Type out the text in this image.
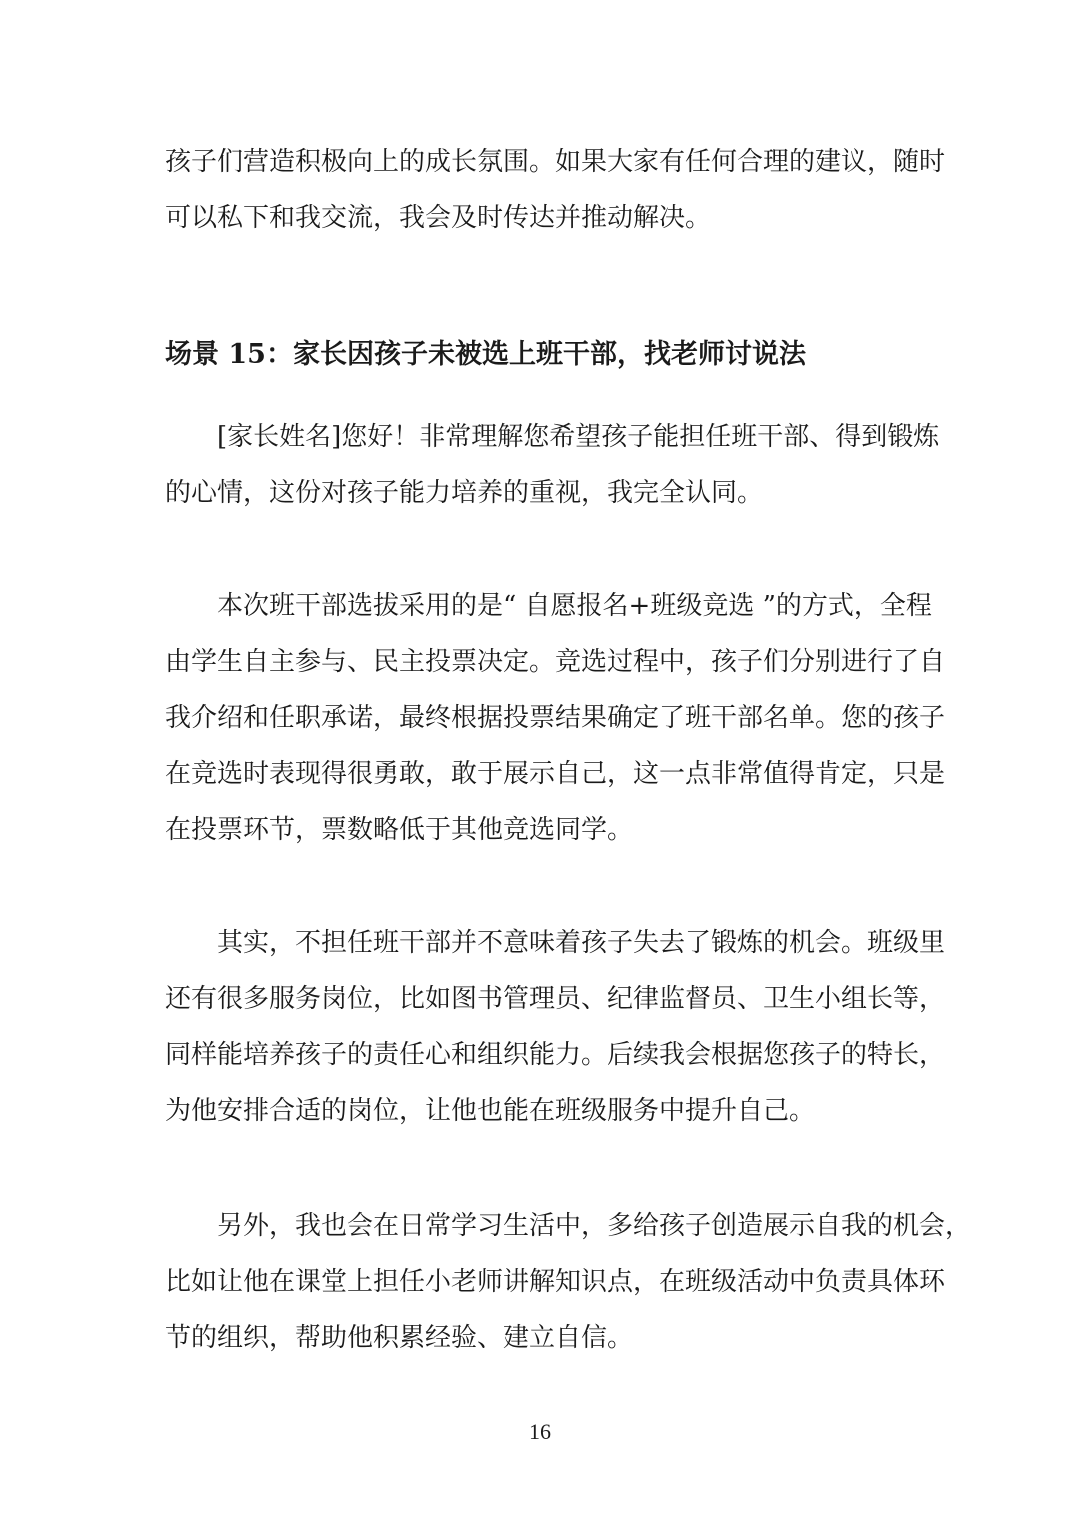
孩子们营造积极向上的成长氛围。如果大家有任何合理的建议，随时
可以私下和我交流，我会及时传达并推动解决。
场景 15：家长因孩子未被选上班干部，找老师讨说法
[家长姓名]您好！非常理解您希望孩子能担任班干部、得到锻炼
的心情，这份对孩子能力培养的重视，我完全认同。
本次班干部选拔采用的是“ 自愿报名+班级竞选 ”的方式，全程
由学生自主参与、民主投票决定。竞选过程中，孩子们分别进行了自
我介绍和任职承诺，最终根据投票结果确定了班干部名单。您的孩子
在竞选时表现得很勇敢，敢于展示自己，这一点非常值得肯定，只是
在投票环节，票数略低于其他竞选同学。
其实，不担任班干部并不意味着孩子失去了锻炼的机会。班级里
还有很多服务岗位，比如图书管理员、纪律监督员、卫生小组长等，
同样能培养孩子的责任心和组织能力。后续我会根据您孩子的特长，
为他安排合适的岗位，让他也能在班级服务中提升自己。
另外，我也会在日常学习生活中，多给孩子创造展示自我的机会，
比如让他在课堂上担任小老师讲解知识点，在班级活动中负责具体环
节的组织，帮助他积累经验、建立自信。
16
